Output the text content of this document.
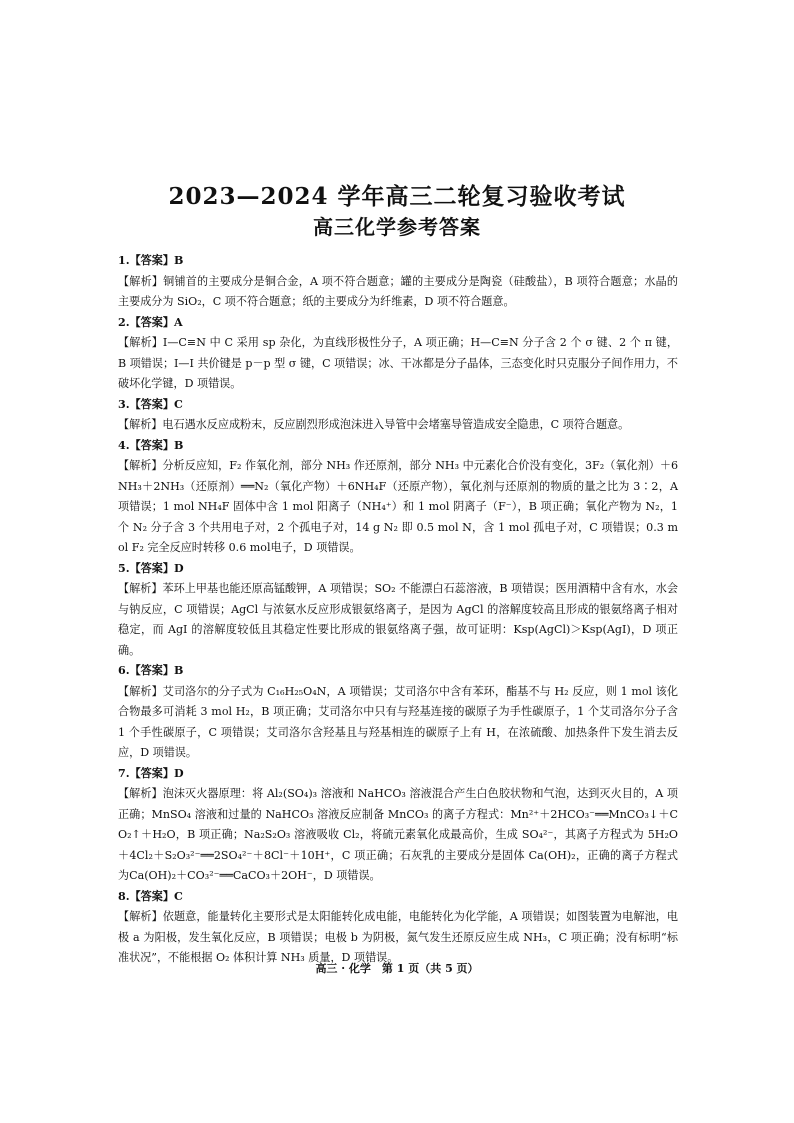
2023—2024 学年高三二轮复习验收考试
高三化学参考答案

1.【答案】B

【解析】铜铺首的主要成分是铜合金，A 项不符合题意；罐的主要成分是陶瓷（硅酸盐），B 项符合题意；水晶的主要成分为 SiO₂，C 项不符合题意；纸的主要成分为纤维素，D 项不符合题意。

2.【答案】A

【解析】I—C≡N 中 C 采用 sp 杂化，为直线形极性分子，A 项正确；H—C≡N 分子含 2 个 σ 键、2 个 π 键，B 项错误；I—I 共价键是 p－p 型 σ 键，C 项错误；冰、干冰都是分子晶体，三态变化时只克服分子间作用力，不破坏化学键，D 项错误。

3.【答案】C

【解析】电石遇水反应成粉末，反应剧烈形成泡沫进入导管中会堵塞导管造成安全隐患，C 项符合题意。

4.【答案】B

【解析】分析反应知，F₂ 作氧化剂，部分 NH₃ 作还原剂，部分 NH₃ 中元素化合价没有变化，3F₂（氧化剂）＋6NH₃＋2NH₃（还原剂）══N₂（氧化产物）＋6NH₄F（还原产物），氧化剂与还原剂的物质的量之比为 3∶2，A 项错误；1 mol NH₄F 固体中含 1 mol 阳离子（NH₄⁺）和 1 mol 阴离子（F⁻），B 项正确；氧化产物为 N₂，1 个 N₂ 分子含 3 个共用电子对，2 个孤电子对，14 g N₂ 即 0.5 mol N，含 1 mol 孤电子对，C 项错误；0.3 mol F₂ 完全反应时转移 0.6 mol电子，D 项错误。

5.【答案】D

【解析】苯环上甲基也能还原高锰酸钾，A 项错误；SO₂ 不能漂白石蕊溶液，B 项错误；医用酒精中含有水，水会与钠反应，C 项错误；AgCl 与浓氨水反应形成银氨络离子，是因为 AgCl 的溶解度较高且形成的银氨络离子相对稳定，而 AgI 的溶解度较低且其稳定性要比形成的银氨络离子强，故可证明：Ksp(AgCl)＞Ksp(AgI)，D 项正确。

6.【答案】B

【解析】艾司洛尔的分子式为 C₁₆H₂₅O₄N，A 项错误；艾司洛尔中含有苯环，酯基不与 H₂ 反应，则 1 mol 该化合物最多可消耗 3 mol H₂，B 项正确；艾司洛尔中只有与羟基连接的碳原子为手性碳原子，1 个艾司洛尔分子含 1 个手性碳原子，C 项错误；艾司洛尔含羟基且与羟基相连的碳原子上有 H，在浓硫酸、加热条件下发生消去反应，D 项错误。

7.【答案】D

【解析】泡沫灭火器原理：将 Al₂(SO₄)₃ 溶液和 NaHCO₃ 溶液混合产生白色胶状物和气泡，达到灭火目的，A 项正确；MnSO₄ 溶液和过量的 NaHCO₃ 溶液反应制备 MnCO₃ 的离子方程式：Mn²⁺＋2HCO₃⁻══MnCO₃↓＋CO₂↑＋H₂O，B 项正确；Na₂S₂O₃ 溶液吸收 Cl₂，将硫元素氧化成最高价，生成 SO₄²⁻，其离子方程式为 5H₂O＋4Cl₂＋S₂O₃²⁻══2SO₄²⁻＋8Cl⁻＋10H⁺，C 项正确；石灰乳的主要成分是固体 Ca(OH)₂，正确的离子方程式为Ca(OH)₂＋CO₃²⁻══CaCO₃＋2OH⁻，D 项错误。

8.【答案】C

【解析】依题意，能量转化主要形式是太阳能转化成电能，电能转化为化学能，A 项错误；如图装置为电解池，电极 a 为阳极，发生氧化反应，B 项错误；电极 b 为阴极，氮气发生还原反应生成 NH₃，C 项正确；没有标明“标准状况”，不能根据 O₂ 体积计算 NH₃ 质量，D 项错误。

高三 · 化学　第 1 页（共 5 页）
